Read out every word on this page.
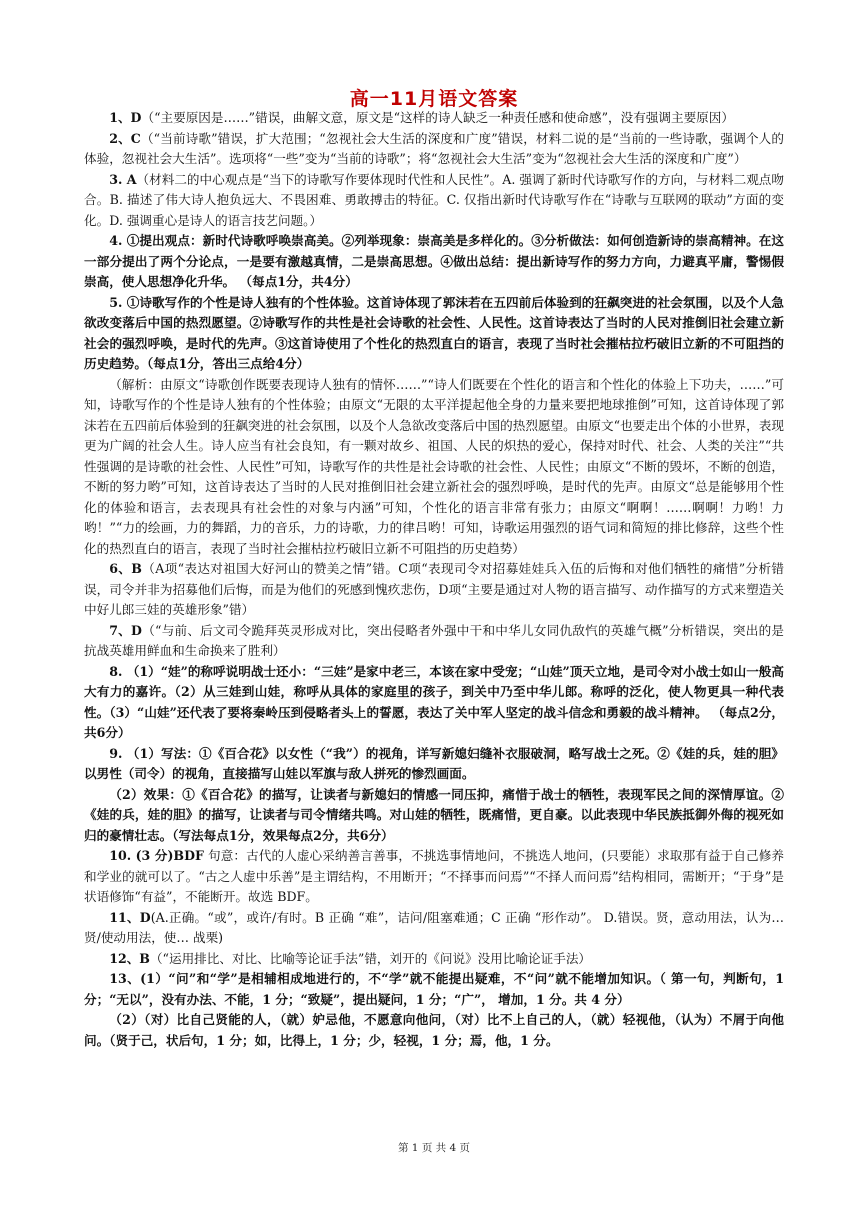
高一11月语文答案

1、D（“主要原因是……”错误，曲解文意，原文是“这样的诗人缺乏一种责任感和使命感”，没有强调主要原因）

2、C（“当前诗歌”错误，扩大范围；“忽视社会大生活的深度和广度”错误，材料二说的是“当前的一些诗歌，强调个人的体验，忽视社会大生活”。选项将“一些”变为“当前的诗歌”；将“忽视社会大生活”变为“忽视社会大生活的深度和广度”）

3. A（材料二的中心观点是“当下的诗歌写作要体现时代性和人民性”。A. 强调了新时代诗歌写作的方向，与材料二观点吻合。B. 描述了伟大诗人抱负远大、不畏困难、勇敢搏击的特征。C. 仅指出新时代诗歌写作在“诗歌与互联网的联动”方面的变化。D. 强调重心是诗人的语言技艺问题。）

4. ①提出观点：新时代诗歌呼唤崇高美。②列举现象：崇高美是多样化的。③分析做法：如何创造新诗的崇高精神。在这一部分提出了两个分论点，一是要有激越真情，二是崇高思想。④做出总结：提出新诗写作的努力方向，力避真平庸，警惕假崇高，使人思想净化升华。 （每点1分，共4分）

5. ①诗歌写作的个性是诗人独有的个性体验。这首诗体现了郭沫若在五四前后体验到的狂飙突进的社会氛围，以及个人急欲改变落后中国的热烈愿望。②诗歌写作的共性是社会诗歌的社会性、人民性。这首诗表达了当时的人民对推倒旧社会建立新社会的强烈呼唤，是时代的先声。③这首诗使用了个性化的热烈直白的语言，表现了当时社会摧枯拉朽破旧立新的不可阻挡的历史趋势。（每点1分，答出三点给4分）

（解析：由原文“诗歌创作既要表现诗人独有的情怀……”“诗人们既要在个性化的语言和个性化的体验上下功夫，……”可知，诗歌写作的个性是诗人独有的个性体验；由原文“无限的太平洋提起他全身的力量来要把地球推倒”可知，这首诗体现了郭沫若在五四前后体验到的狂飙突进的社会氛围，以及个人急欲改变落后中国的热烈愿望。由原文“也要走出个体的小世界，表现更为广阔的社会人生。诗人应当有社会良知，有一颗对故乡、祖国、人民的炽热的爱心，保持对时代、社会、人类的关注”“共性强调的是诗歌的社会性、人民性”可知，诗歌写作的共性是社会诗歌的社会性、人民性；由原文“不断的毁坏，不断的创造，不断的努力哟”可知，这首诗表达了当时的人民对推倒旧社会建立新社会的强烈呼唤，是时代的先声。由原文“总是能够用个性化的体验和语言，去表现具有社会性的对象与内涵”可知，个性化的语言非常有张力；由原文“啊啊！……啊啊！力哟！力哟！”“力的绘画，力的舞蹈，力的音乐，力的诗歌，力的律吕哟！可知，诗歌运用强烈的语气词和简短的排比修辞，这些个性化的热烈直白的语言，表现了当时社会摧枯拉朽破旧立新不可阻挡的历史趋势）

6、B（A项“表达对祖国大好河山的赞美之情”错。C项“表现司令对招募娃娃兵入伍的后悔和对他们牺牲的痛惜”分析错误，司令并非为招募他们后悔，而是为他们的死感到愧疚悲伤，D项“主要是通过对人物的语言描写、动作描写的方式来塑造关中好儿郎三娃的英雄形象”错）

7、D（“与前、后文司令跪拜英灵形成对比，突出侵略者外强中干和中华儿女同仇敌忾的英雄气概”分析错误，突出的是抗战英雄用鲜血和生命换来了胜利）

8. （1）“娃”的称呼说明战士还小：“三娃”是家中老三，本该在家中受宠；“山娃”顶天立地，是司令对小战士如山一般高大有力的嘉许。（2）从三娃到山娃，称呼从具体的家庭里的孩子，到关中乃至中华儿郎。称呼的泛化，使人物更具一种代表性。（3）“山娃”还代表了要将秦岭压到侵略者头上的誓愿，表达了关中军人坚定的战斗信念和勇毅的战斗精神。 （每点2分，共6分）

9. （1）写法：①《百合花》以女性（“我”）的视角，详写新媳妇缝补衣服破洞，略写战士之死。②《娃的兵，娃的胆》以男性（司令）的视角，直接描写山娃以军旗与敌人拼死的惨烈画面。

（2）效果：①《百合花》的描写，让读者与新媳妇的情感一同压抑，痛惜于战士的牺牲，表现军民之间的深情厚谊。②《娃的兵，娃的胆》的描写，让读者与司令情绪共鸣。对山娃的牺牲，既痛惜，更自豪。以此表现中华民族抵御外侮的视死如归的豪情壮志。（写法每点1分，效果每点2分，共6分）

10. (3 分)BDF 句意：古代的人虚心采纳善言善事，不挑选事情地问，不挑选人地问，(只要能）求取那有益于自己修养和学业的就可以了。“古之人虚中乐善”是主谓结构，不用断开；“不择事而问焉”“不择人而问焉”结构相同，需断开；“于身”是状语修饰“有益”，不能断开。故选 BDF。

11、D(A.正确。“或”，或许/有时。B 正确 “难”，诘问/阻塞难通；C 正确 “形作动”。 D.错误。贤，意动用法，认为… 贤/使动用法，使… 战栗)

12、B（“运用排比、对比、比喻等论证手法”错，刘开的《问说》没用比喻论证手法）

13、(1）“问”和“学”是相辅相成地进行的，不“学”就不能提出疑难，不“问”就不能增加知识。（ 第一句，判断句，1 分；“无以”，没有办法、不能，1 分；“致疑”，提出疑问，1 分；“广”， 增加，1 分。共 4 分）

（2）（对）比自己贤能的人，（就）妒忌他，不愿意向他问，（对）比不上自己的人，（就）轻视他，（认为）不屑于向他问。（贤于己，状后句，1 分；如，比得上，1 分；少，轻视，1 分；焉，他，1 分。

第 1 页 共 4 页
